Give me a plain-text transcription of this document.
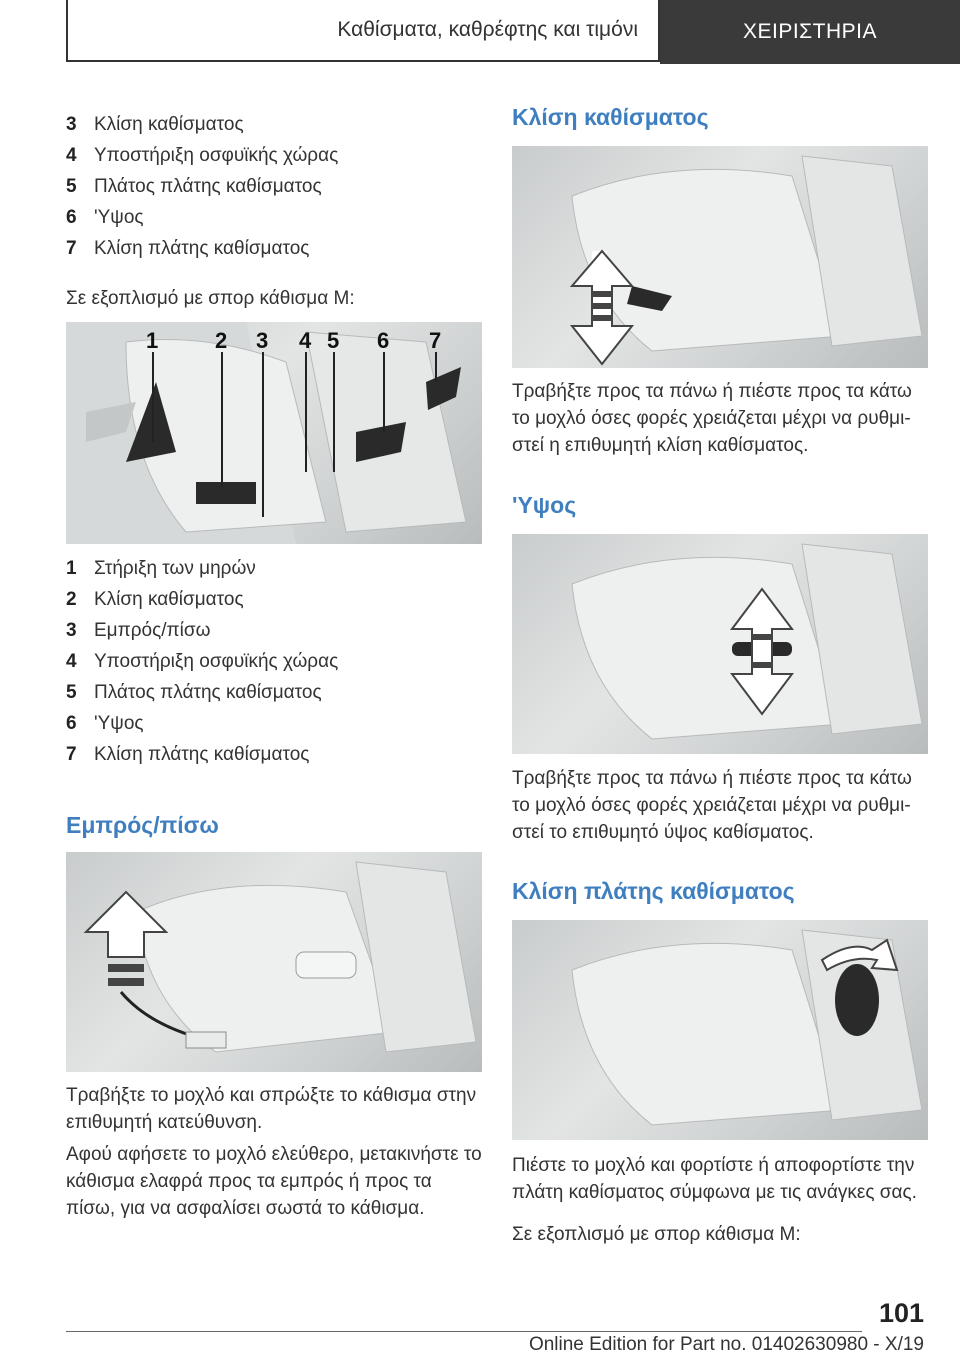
Καθίσματα, καθρέφτης και τιμόνι	ΧΕΙΡΙΣΤΗΡΙΑ
3 Κλίση καθίσματος
4 Υποστήριξη οσφυϊκής χώρας
5 Πλάτος πλάτης καθίσματος
6 'Υψος
7 Κλίση πλάτης καθίσματος

Σε εξοπλισμό με σπορ κάθισμα M:

1	2 3 4 5 6 7
1 Στήριξη των μηρών
2 Κλίση καθίσματος
3 Εμπρός/πίσω
4 Υποστήριξη οσφυϊκής χώρας
5 Πλάτος πλάτης καθίσματος
6 'Υψος
7 Κλίση πλάτης καθίσματος
Εμπρός/πίσω

Τραβήξτε το μοχλό και σπρώξτε το κάθισμα στην επιθυμητή κατεύθυνση.

Αφού αφήσετε το μοχλό ελεύθερο, μετακινήστε το κάθισμα ελαφρά προς τα εμπρός ή προς τα πίσω, για να ασφαλίσει σωστά το κάθισμα.

Κλίση καθίσματος

Τραβήξτε προς τα πάνω ή πιέστε προς τα κάτω το μοχλό όσες φορές χρειάζεται μέχρι να ρυθμι-στεί η επιθυμητή κλίση καθίσματος.

'Υψος

Τραβήξτε προς τα πάνω ή πιέστε προς τα κάτω το μοχλό όσες φορές χρειάζεται μέχρι να ρυθμι-στεί το επιθυμητό ύψος καθίσματος.

Κλίση πλάτης καθίσματος

Πιέστε το μοχλό και φορτίστε ή αποφορτίστε την πλάτη καθίσματος σύμφωνα με τις ανάγκες σας.

Σε εξοπλισμό με σπορ κάθισμα M:

101
Online Edition for Part no. 01402630980 - X/19
